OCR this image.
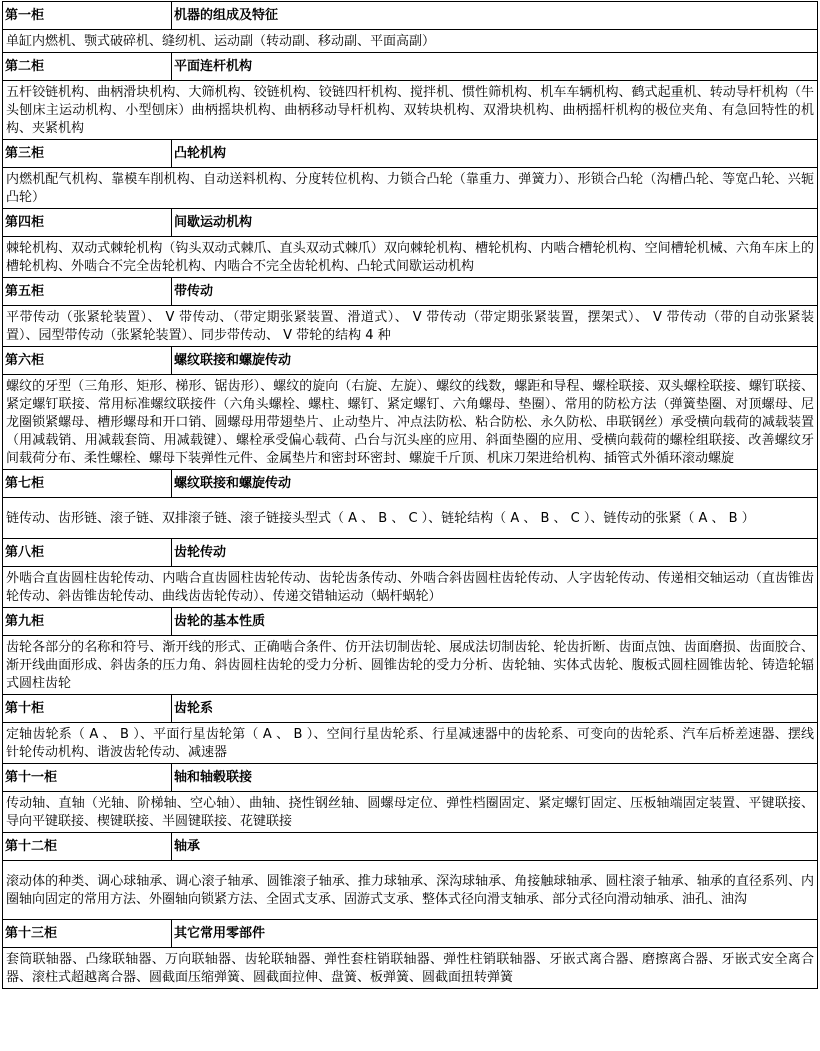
第一柜	机器的组成及特征
单缸内燃机、颚式破碎机、缝纫机、运动副（转动副、移动副、平面高副）	
第二柜	平面连杆机构
五杆铰链机构、曲柄滑块机构、大筛机构、铰链机构、铰链四杆机构、搅拌机、惯性筛机构、机车车辆机构、鹤式起重机、转动导杆机构（牛头刨床主运动机构、小型刨床）曲柄摇块机构、曲柄移动导杆机构、双转块机构、双滑块机构、曲柄摇杆机构的极位夹角、有急回特性的机构、夹紧机构	
第三柜	凸轮机构
内燃机配气机构、靠模车削机构、自动送料机构、分度转位机构、力锁合凸轮（靠重力、弹簧力）、形锁合凸轮（沟槽凸轮、等宽凸轮、兴轭凸轮）	
第四柜	间歇运动机构
棘轮机构、双动式棘轮机构（钩头双动式棘爪、直头双动式棘爪）双向棘轮机构、槽轮机构、内啮合槽轮机构、空间槽轮机械、六角车床上的槽轮机构、外啮合不完全齿轮机构、内啮合不完全齿轮机构、凸轮式间歇运动机构	
第五柜	带传动
平带传动（张紧轮装置）、 V 带传动、（带定期张紧装置、滑道式）、 V 带传动（带定期张紧装置，摆架式）、 V 带传动（带的自动张紧装置）、园型带传动（张紧轮装置）、同步带传动、 V 带轮的结构 4 种	
第六柜	螺纹联接和螺旋传动
螺纹的牙型（三角形、矩形、梯形、锯齿形）、螺纹的旋向（右旋、左旋）、螺纹的线数，螺距和导程、螺栓联接、双头螺栓联接、螺钉联接、紧定螺钉联接、常用标准螺纹联接件（六角头螺栓、螺柱、螺钉、紧定螺钉、六角螺母、垫圈）、常用的防松方法（弹簧垫圈、对顶螺母、尼龙圈锁紧螺母、槽形螺母和开口销、圆螺母用带翅垫片、止动垫片、冲点法防松、粘合防松、永久防松、串联钢丝）承受横向载荷的减载装置（用减载销、用减载套筒、用减载键）、螺栓承受偏心载荷、凸台与沉头座的应用、斜面垫圈的应用、受横向载荷的螺栓组联接、改善螺纹牙间载荷分布、柔性螺栓、螺母下装弹性元件、金属垫片和密封环密封、螺旋千斤顶、机床刀架进给机构、插管式外循环滚动螺旋	
第七柜	螺纹联接和螺旋传动
链传动、齿形链、滚子链、双排滚子链、滚子链接头型式（ A 、 B 、 C ）、链轮结构（ A 、 B 、 C ）、链传动的张紧（ A 、 B ）	
第八柜	齿轮传动
外啮合直齿圆柱齿轮传动、内啮合直齿圆柱齿轮传动、齿轮齿条传动、外啮合斜齿圆柱齿轮传动、人字齿轮传动、传递相交轴运动（直齿锥齿轮传动、斜齿锥齿轮传动、曲线齿齿轮传动）、传递交错轴运动（蜗杆蜗轮）	
第九柜	齿轮的基本性质
齿轮各部分的名称和符号、渐开线的形式、正确啮合条件、仿开法切制齿轮、展成法切制齿轮、轮齿折断、齿面点蚀、齿面磨损、齿面胶合、渐开线曲面形成、斜齿条的压力角、斜齿圆柱齿轮的受力分析、圆锥齿轮的受力分析、齿轮轴、实体式齿轮、腹板式圆柱圆锥齿轮、铸造轮辐式圆柱齿轮	
第十柜	齿轮系
定轴齿轮系（ A 、 B ）、平面行星齿轮第（ A 、 B ）、空间行星齿轮系、行星减速器中的齿轮系、可变向的齿轮系、汽车后桥差速器、摆线针轮传动机构、谐波齿轮传动、减速器	
第十一柜	轴和轴毂联接
传动轴、直轴（光轴、阶梯轴、空心轴）、曲轴、挠性钢丝轴、圆螺母定位、弹性档圈固定、紧定螺钉固定、压板轴端固定装置、平键联接、导向平键联接、楔键联接、半圆键联接、花键联接	
第十二柜	轴承
滚动体的种类、调心球轴承、调心滚子轴承、圆锥滚子轴承、推力球轴承、深沟球轴承、角接触球轴承、圆柱滚子轴承、轴承的直径系列、内圈轴向固定的常用方法、外圈轴向锁紧方法、全固式支承、固游式支承、整体式径向滑支轴承、部分式径向滑动轴承、油孔、油沟	
第十三柜	其它常用零部件
套筒联轴器、凸缘联轴器、万向联轴器、齿轮联轴器、弹性套柱销联轴器、弹性柱销联轴器、牙嵌式离合器、磨擦离合器、牙嵌式安全离合器、滚柱式超越离合器、圆截面压缩弹簧、圆截面拉伸、盘簧、板弹簧、圆截面扭转弹簧	
